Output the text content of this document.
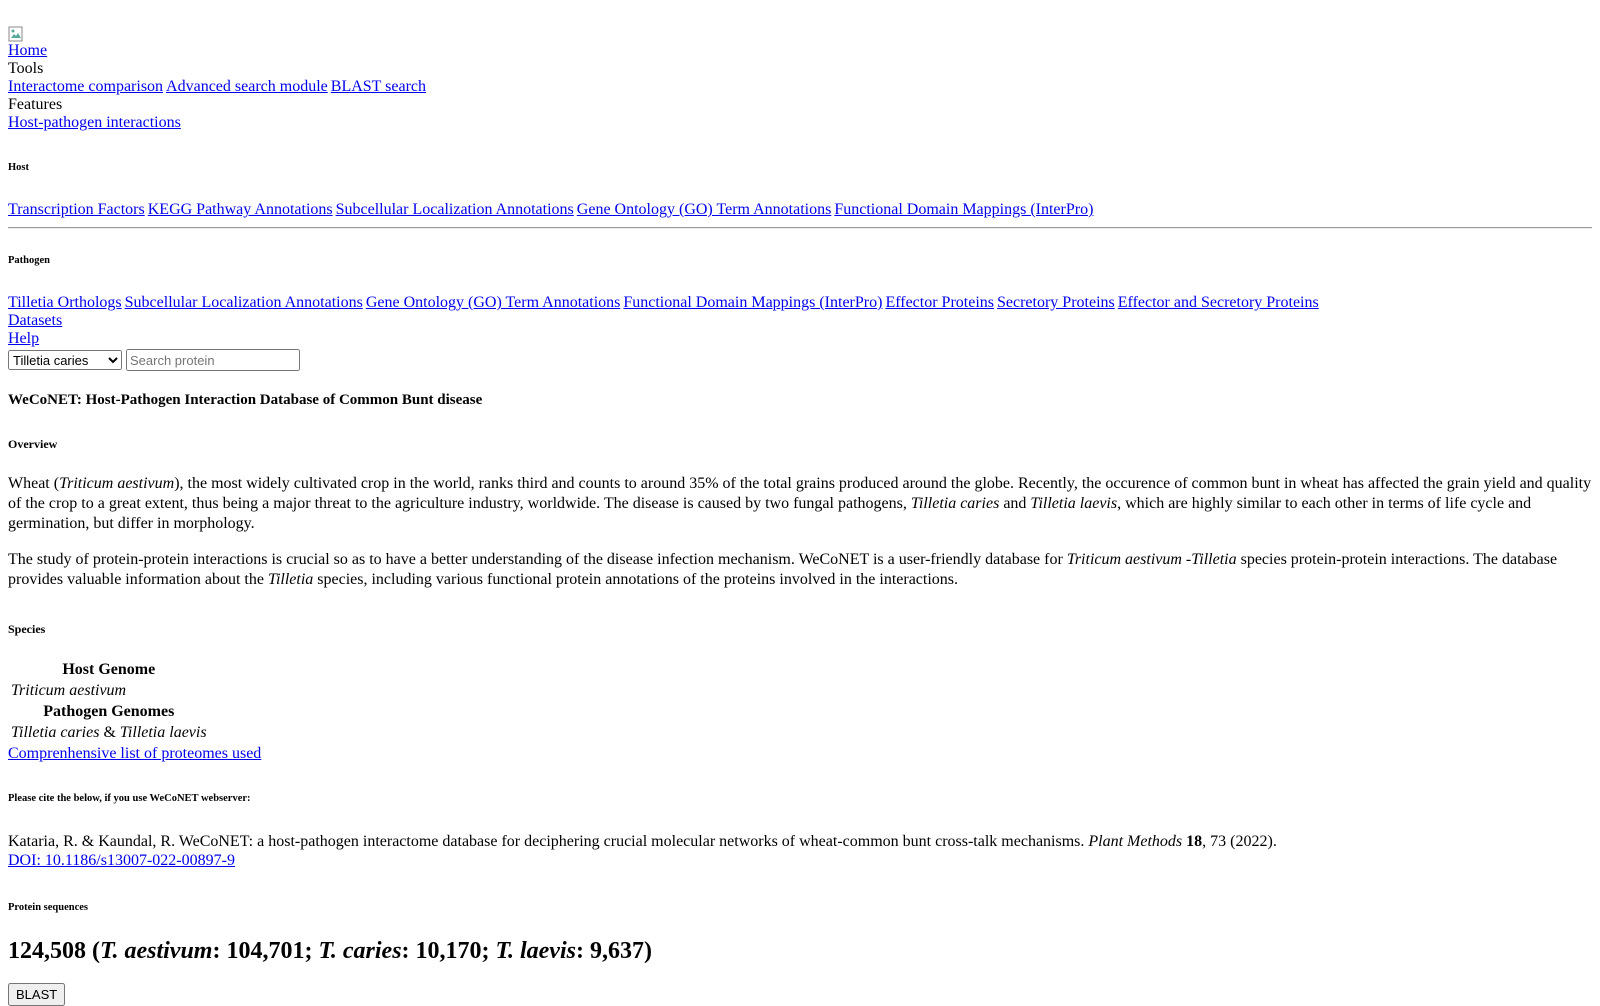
Home
Tools
Interactome comparison Advanced search module BLAST search
Features
Host-pathogen interactions
Host
Transcription Factors KEGG Pathway Annotations Subcellular Localization Annotations Gene Ontology (GO) Term Annotations Functional Domain Mappings (InterPro)
Pathogen
Tilletia Orthologs Subcellular Localization Annotations Gene Ontology (GO) Term Annotations Functional Domain Mappings (InterPro) Effector Proteins Secretory Proteins Effector and Secretory Proteins
Datasets
Help
Tilletia caries
Search protein
WeCoNET: Host-Pathogen Interaction Database of Common Bunt disease
Overview

Wheat (Triticum aestivum), the most widely cultivated crop in the world, ranks third and counts to around 35% of the total grains produced around the globe. Recently, the occurence of common bunt in wheat has affected the grain yield and quality of the crop to a great extent, thus being a major threat to the agriculture industry, worldwide. The disease is caused by two fungal pathogens, Tilletia caries and Tilletia laevis, which are highly similar to each other in terms of life cycle and germination, but differ in morphology.

The study of protein-protein interactions is crucial so as to have a better understanding of the disease infection mechanism. WeCoNET is a user-friendly database for Triticum aestivum -Tilletia species protein-protein interactions. The database provides valuable information about the Tilletia species, including various functional protein annotations of the proteins involved in the interactions.

Species
Host Genome
Triticum aestivum
Pathogen Genomes
Tilletia caries & Tilletia laevis
Comprenhensive list of proteomes used
Please cite the below, if you use WeCoNET webserver:
Kataria, R. & Kaundal, R. WeCoNET: a host-pathogen interactome database for deciphering crucial molecular networks of wheat-common bunt cross-talk mechanisms. Plant Methods 18, 73 (2022).
DOI: 10.1186/s13007-022-00897-9
Protein sequences
124,508 (T. aestivum: 104,701; T. caries: 10,170; T. laevis: 9,637)
BLAST
